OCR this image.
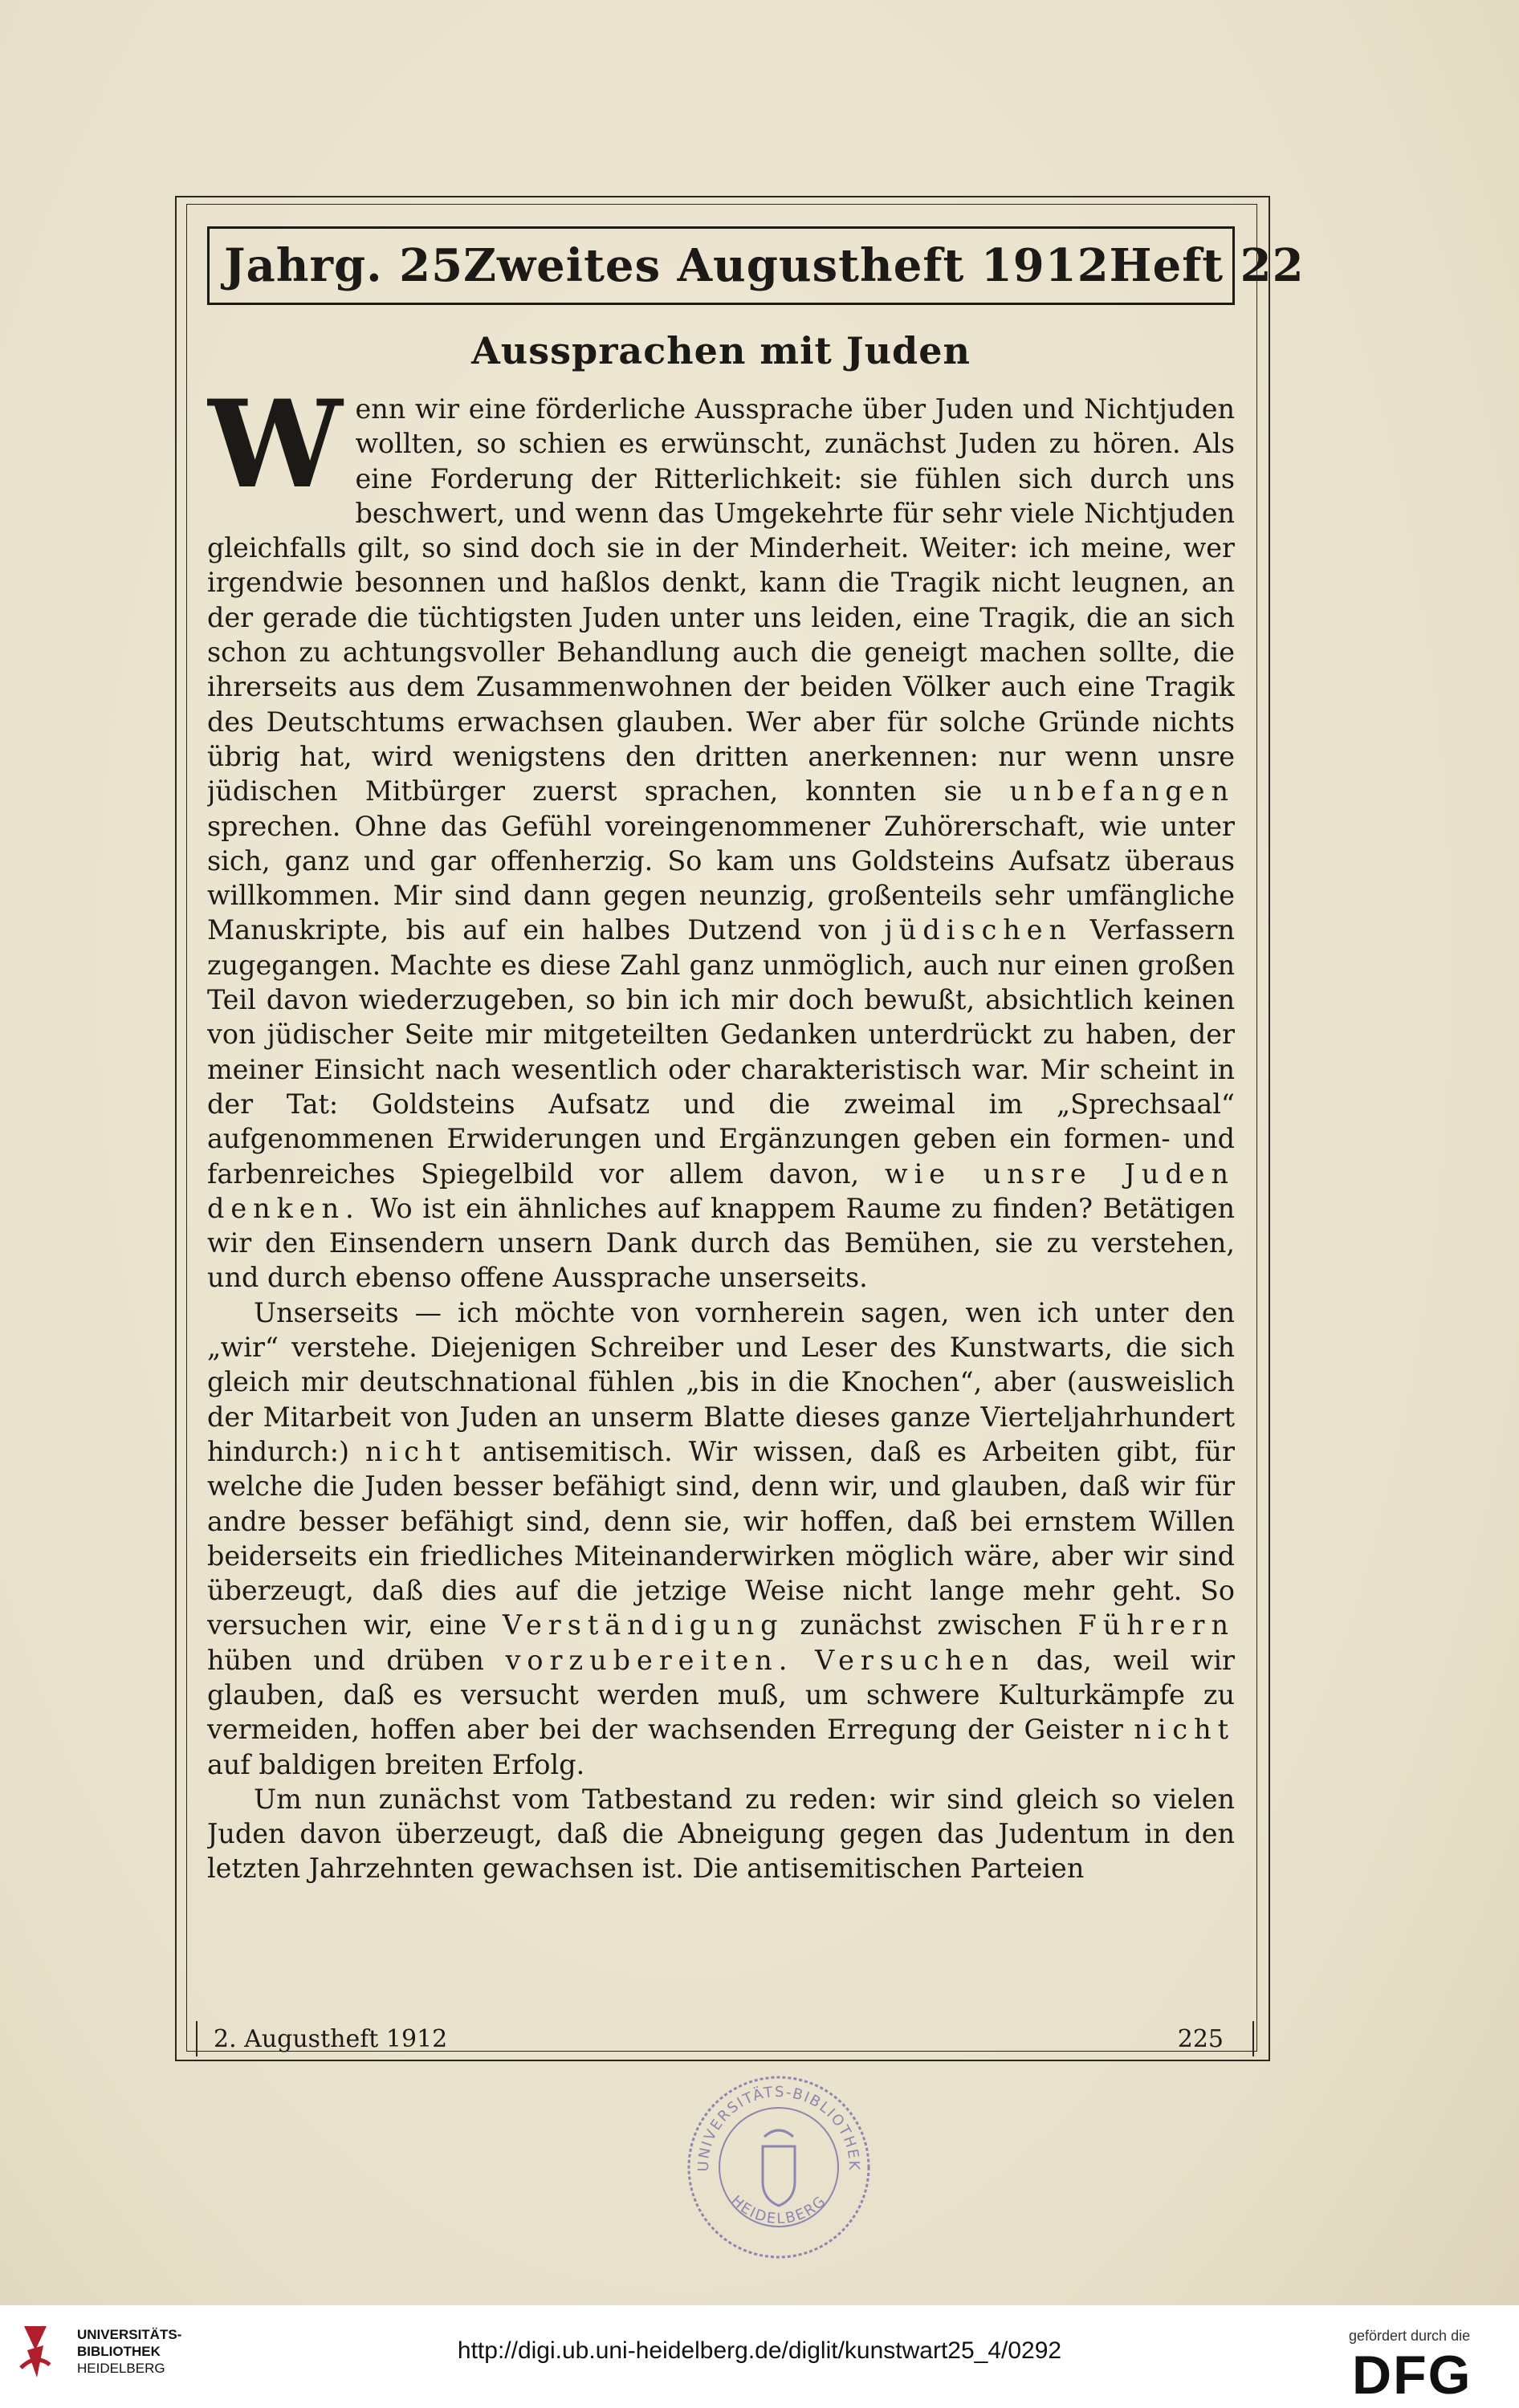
Jahrg. 25 Zweites Augustheft 1912 Heft 22
Aussprachen mit Juden

Wenn wir eine förderliche Aussprache über Juden und Nichtjuden wollten, so schien es erwünscht, zunächst Juden zu hören. Als eine Forderung der Ritterlichkeit: sie fühlen sich durch uns beschwert, und wenn das Umgekehrte für sehr viele Nichtjuden gleichfalls gilt, so sind doch sie in der Minderheit. Weiter: ich meine, wer irgendwie besonnen und haßlos denkt, kann die Tragik nicht leugnen, an der gerade die tüchtigsten Juden unter uns leiden, eine Tragik, die an sich schon zu achtungsvoller Behandlung auch die geneigt machen sollte, die ihrerseits aus dem Zusammenwohnen der beiden Völker auch eine Tragik des Deutschtums erwachsen glauben. Wer aber für solche Gründe nichts übrig hat, wird wenigstens den dritten anerkennen: nur wenn unsre jüdischen Mitbürger zuerst sprachen, konnten sie unbefangen sprechen. Ohne das Gefühl voreingenommener Zuhörerschaft, wie unter sich, ganz und gar offenherzig. So kam uns Goldsteins Aufsatz überaus willkommen. Mir sind dann gegen neunzig, großenteils sehr umfängliche Manuskripte, bis auf ein halbes Dutzend von jüdischen Verfassern zugegangen. Machte es diese Zahl ganz unmöglich, auch nur einen großen Teil davon wiederzugeben, so bin ich mir doch bewußt, absichtlich keinen von jüdischer Seite mir mitgeteilten Gedanken unterdrückt zu haben, der meiner Einsicht nach wesentlich oder charakteristisch war. Mir scheint in der Tat: Goldsteins Aufsatz und die zweimal im „Sprechsaal“ aufgenommenen Erwiderungen und Ergänzungen geben ein formen- und farbenreiches Spiegelbild vor allem davon, wie unsre Juden denken. Wo ist ein ähnliches auf knappem Raume zu finden? Betätigen wir den Einsendern unsern Dank durch das Bemühen, sie zu verstehen, und durch ebenso offene Aussprache unserseits.

Unserseits — ich möchte von vornherein sagen, wen ich unter den „wir“ verstehe. Diejenigen Schreiber und Leser des Kunstwarts, die sich gleich mir deutschnational fühlen „bis in die Knochen“, aber (ausweislich der Mitarbeit von Juden an unserm Blatte dieses ganze Vierteljahrhundert hindurch:) nicht antisemitisch. Wir wissen, daß es Arbeiten gibt, für welche die Juden besser befähigt sind, denn wir, und glauben, daß wir für andre besser befähigt sind, denn sie, wir hoffen, daß bei ernstem Willen beiderseits ein friedliches Miteinanderwirken möglich wäre, aber wir sind überzeugt, daß dies auf die jetzige Weise nicht lange mehr geht. So versuchen wir, eine Verständigung zunächst zwischen Führern hüben und drüben vorzubereiten. Versuchen das, weil wir glauben, daß es versucht werden muß, um schwere Kulturkämpfe zu vermeiden, hoffen aber bei der wachsenden Erregung der Geister nicht auf baldigen breiten Erfolg.

Um nun zunächst vom Tatbestand zu reden: wir sind gleich so vielen Juden davon überzeugt, daß die Abneigung gegen das Judentum in den letzten Jahrzehnten gewachsen ist. Die antisemitischen Parteien

2. Augustheft 1912	225
UNIVERSITÄTS-BIBLIOTHEK
HEIDELBERG
UNIVERSITÄTS-
BIBLIOTHEK
HEIDELBERG
http://digi.ub.uni-heidelberg.de/diglit/kunstwart25_4/0292
gefördert durch die
DFG
